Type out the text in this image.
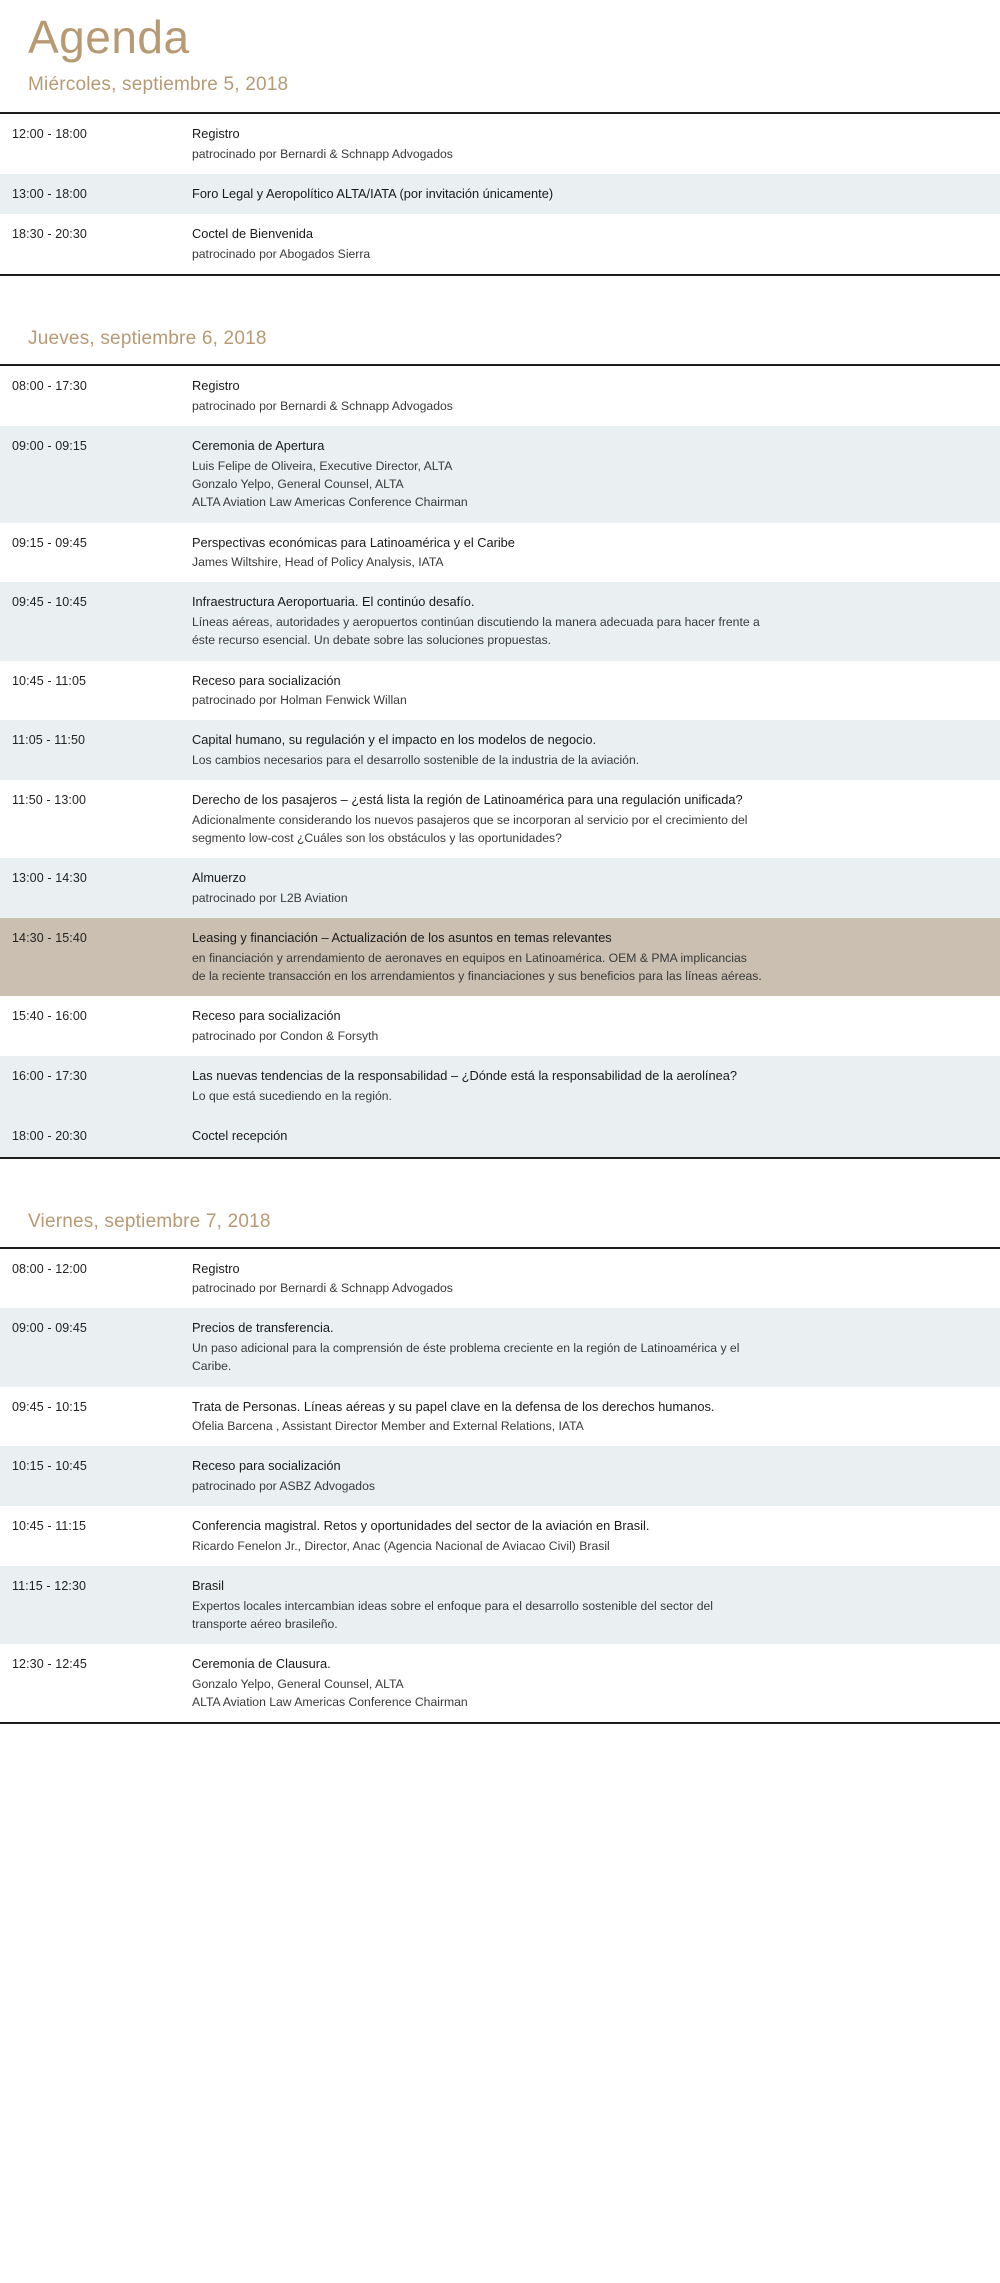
Agenda
Miércoles, septiembre 5, 2018
12:00 - 18:00	Registro
patrocinado por Bernardi & Schnapp Advogados
13:00 - 18:00	Foro Legal y Aeropolítico ALTA/IATA (por invitación únicamente)
18:30 - 20:30	Coctel de Bienvenida
patrocinado por Abogados Sierra
Jueves, septiembre 6, 2018
08:00 - 17:30	Registro
patrocinado por Bernardi & Schnapp Advogados
09:00 - 09:15	Ceremonia de Apertura
Luis Felipe de Oliveira, Executive Director, ALTA
Gonzalo Yelpo, General Counsel, ALTA
ALTA Aviation Law Americas Conference Chairman
09:15 - 09:45	Perspectivas económicas para Latinoamérica y el Caribe
James Wiltshire, Head of Policy Analysis, IATA
09:45 - 10:45	Infraestructura Aeroportuaria. El continúo desafío.
Líneas aéreas, autoridades y aeropuertos continúan discutiendo la manera adecuada para hacer frente a
éste recurso esencial. Un debate sobre las soluciones propuestas.
10:45 - 11:05	Receso para socialización
patrocinado por Holman Fenwick Willan
11:05 - 11:50	Capital humano, su regulación y el impacto en los modelos de negocio.
Los cambios necesarios para el desarrollo sostenible de la industria de la aviación.
11:50 - 13:00	Derecho de los pasajeros – ¿está lista la región de Latinoamérica para una regulación unificada?
Adicionalmente considerando los nuevos pasajeros que se incorporan al servicio por el crecimiento del
segmento low-cost ¿Cuáles son los obstáculos y las oportunidades?
13:00 - 14:30	Almuerzo
patrocinado por L2B Aviation
14:30 - 15:40	Leasing y financiación – Actualización de los asuntos en temas relevantes
en financiación y arrendamiento de aeronaves en equipos en Latinoamérica. OEM & PMA implicancias
de la reciente transacción en los arrendamientos y financiaciones y sus beneficios para las líneas aéreas.
15:40 - 16:00	Receso para socialización
patrocinado por Condon & Forsyth
16:00 - 17:30	Las nuevas tendencias de la responsabilidad – ¿Dónde está la responsabilidad de la aerolínea?
Lo que está sucediendo en la región.
18:00 - 20:30	Coctel recepción
Viernes, septiembre 7, 2018
08:00 - 12:00	Registro
patrocinado por Bernardi & Schnapp Advogados
09:00 - 09:45	Precios de transferencia.
Un paso adicional para la comprensión de éste problema creciente en la región de Latinoamérica y el
Caribe.
09:45 - 10:15	Trata de Personas. Líneas aéreas y su papel clave en la defensa de los derechos humanos.
Ofelia Barcena , Assistant Director Member and External Relations, IATA
10:15 - 10:45	Receso para socialización
patrocinado por ASBZ Advogados
10:45 - 11:15	Conferencia magistral. Retos y oportunidades del sector de la aviación en Brasil.
Ricardo Fenelon Jr., Director, Anac (Agencia Nacional de Aviacao Civil) Brasil
11:15 - 12:30	Brasil
Expertos locales intercambian ideas sobre el enfoque para el desarrollo sostenible del sector del
transporte aéreo brasileño.
12:30 - 12:45	Ceremonia de Clausura.
Gonzalo Yelpo, General Counsel, ALTA
ALTA Aviation Law Americas Conference Chairman
